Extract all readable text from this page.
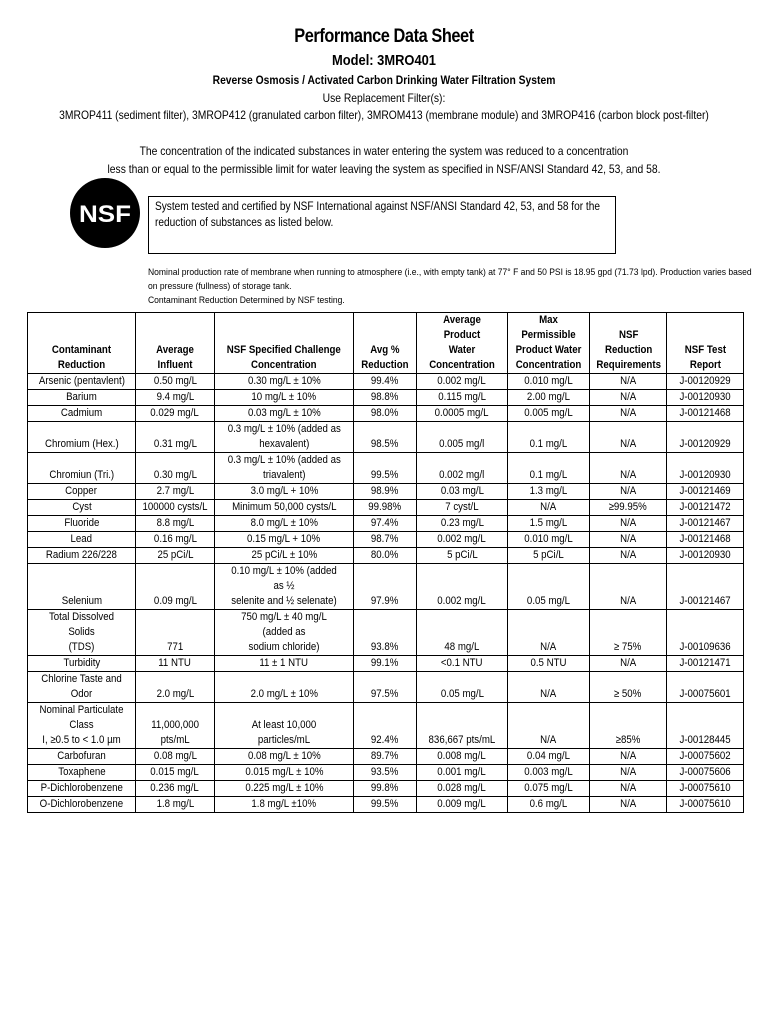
Performance Data Sheet
Model: 3MRO401
Reverse Osmosis / Activated Carbon Drinking Water Filtration System
Use Replacement Filter(s):
3MROP411 (sediment filter), 3MROP412 (granulated carbon filter), 3MROM413 (membrane module) and 3MROP416 (carbon block post-filter)
The concentration of the indicated substances in water entering the system was reduced to a concentration
less than or equal to the permissible limit for water leaving the system as specified in NSF/ANSI Standard 42, 53, and 58.
NSF System tested and certified by NSF International against NSF/ANSI Standard 42, 53, and 58 for the reduction of substances as listed below.
Nominal production rate of membrane when running to atmosphere (i.e., with empty tank) at 77° F and 50 PSI is 18.95 gpd (71.73 lpd). Production varies based
on pressure (fullness) of storage tank.
Contaminant Reduction Determined by NSF testing.
Contaminant Reduction	Average Influent	NSF Specified Challenge
Concentration	Avg %
Reduction	Average Product
Water
Concentration	Max Permissible
Product Water
Concentration	NSF Reduction
Requirements	NSF Test
Report
Arsenic (pentavlent)	0.50 mg/L	0.30 mg/L ± 10%	99.4%	0.002 mg/L	0.010 mg/L	N/A	J-00120929
Barium	9.4 mg/L	10 mg/L ± 10%	98.8%	0.115 mg/L	2.00 mg/L	N/A	J-00120930
Cadmium	0.029 mg/L	0.03 mg/L ± 10%	98.0%	0.0005 mg/L	0.005 mg/L	N/A	J-00121468
Chromium (Hex.)	0.31 mg/L	0.3 mg/L ± 10% (added as
hexavalent)	98.5%	0.005 mg/l	0.1 mg/L	N/A	J-00120929
Chromiun (Tri.)	0.30 mg/L	0.3 mg/L ± 10% (added as
triavalent)	99.5%	0.002 mg/l	0.1 mg/L	N/A	J-00120930
Copper	2.7 mg/L	3.0 mg/L + 10%	98.9%	0.03 mg/L	1.3 mg/L	N/A	J-00121469
Cyst	100000 cysts/L	Minimum 50,000 cysts/L	99.98%	7 cyst/L	N/A	≥99.95%	J-00121472
Fluoride	8.8 mg/L	8.0 mg/L ± 10%	97.4%	0.23 mg/L	1.5 mg/L	N/A	J-00121467
Lead	0.16 mg/L	0.15 mg/L + 10%	98.7%	0.002 mg/L	0.010 mg/L	N/A	J-00121468
Radium 226/228	25 pCi/L	25 pCi/L ± 10%	80.0%	5 pCi/L	5 pCi/L	N/A	J-00120930
Selenium	0.09 mg/L	0.10 mg/L ± 10% (added as ½
selenite and ½ selenate)	97.9%	0.002 mg/L	0.05 mg/L	N/A	J-00121467
Total Dissolved Solids
(TDS)	771	750 mg/L ± 40 mg/L (added as
sodium chloride)	93.8%	48 mg/L	N/A	≥ 75%	J-00109636
Turbidity	11 NTU	11 ± 1 NTU	99.1%	<0.1 NTU	0.5 NTU	N/A	J-00121471
Chlorine Taste and Odor	2.0 mg/L	2.0 mg/L ± 10%	97.5%	0.05 mg/L	N/A	≥ 50%	J-00075601
Nominal Particulate Class
I, ≥0.5 to < 1.0 µm	11,000,000
pts/mL	At least 10,000 particles/mL	92.4%	836,667 pts/mL	N/A	≥85%	J-00128445
Carbofuran	0.08 mg/L	0.08 mg/L ± 10%	89.7%	0.008 mg/L	0.04 mg/L	N/A	J-00075602
Toxaphene	0.015 mg/L	0.015 mg/L ± 10%	93.5%	0.001 mg/L	0.003 mg/L	N/A	J-00075606
P-Dichlorobenzene	0.236 mg/L	0.225 mg/L ± 10%	99.8%	0.028 mg/L	0.075 mg/L	N/A	J-00075610
O-Dichlorobenzene	1.8 mg/L	1.8 mg/L ±10%	99.5%	0.009 mg/L	0.6 mg/L	N/A	J-00075610
